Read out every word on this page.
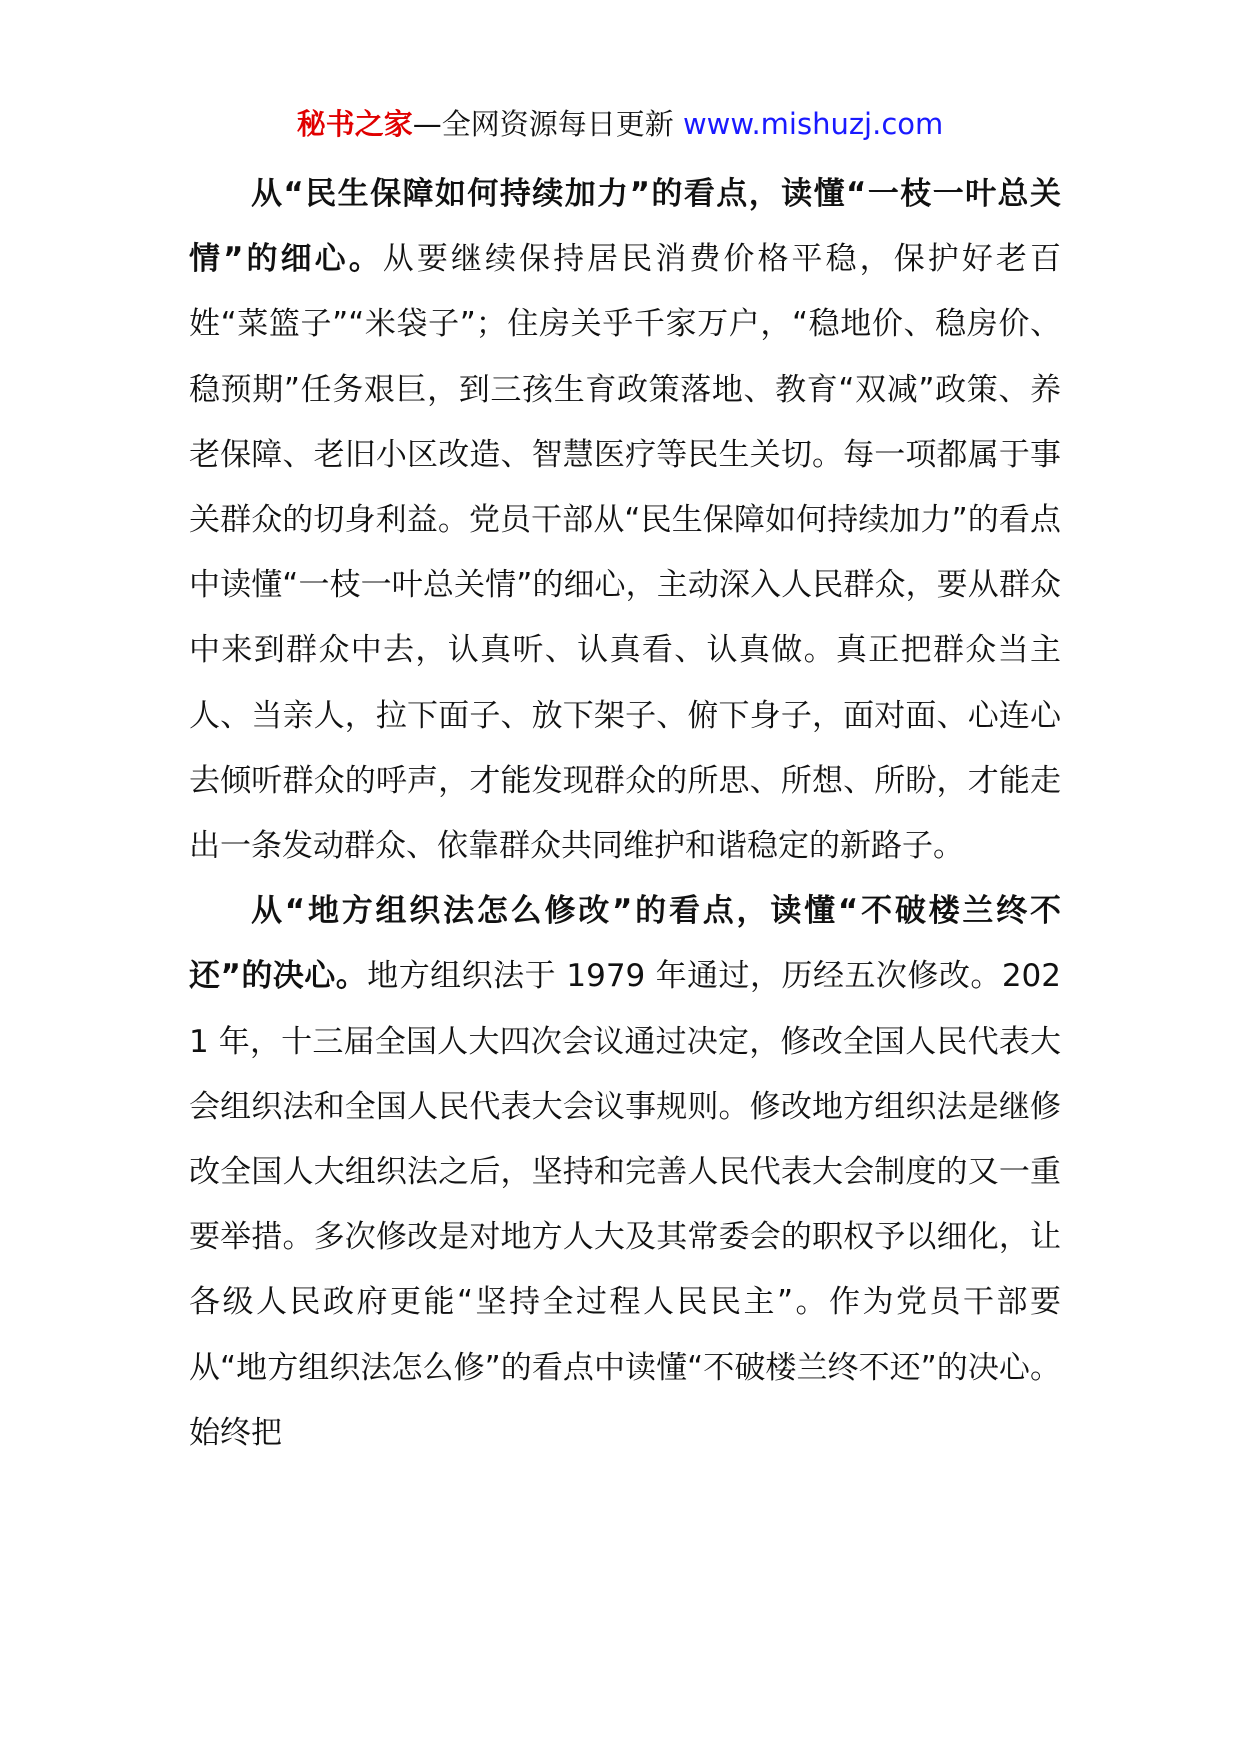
秘书之家—全网资源每日更新 www.mishuzj.com

从“民生保障如何持续加力”的看点，读懂“一枝一叶总关情”的细心。从要继续保持居民消费价格平稳，保护好老百姓“菜篮子”“米袋子”；住房关乎千家万户，“稳地价、稳房价、稳预期”任务艰巨，到三孩生育政策落地、教育“双减”政策、养老保障、老旧小区改造、智慧医疗等民生关切。每一项都属于事关群众的切身利益。党员干部从“民生保障如何持续加力”的看点中读懂“一枝一叶总关情”的细心，主动深入人民群众，要从群众中来到群众中去，认真听、认真看、认真做。真正把群众当主人、当亲人，拉下面子、放下架子、俯下身子，面对面、心连心去倾听群众的呼声，才能发现群众的所思、所想、所盼，才能走出一条发动群众、依靠群众共同维护和谐稳定的新路子。

从“地方组织法怎么修改”的看点，读懂“不破楼兰终不还”的决心。地方组织法于 1979 年通过，历经五次修改。2021 年，十三届全国人大四次会议通过决定，修改全国人民代表大会组织法和全国人民代表大会议事规则。修改地方组织法是继修改全国人大组织法之后，坚持和完善人民代表大会制度的又一重要举措。多次修改是对地方人大及其常委会的职权予以细化，让各级人民政府更能“坚持全过程人民民主”。作为党员干部要从“地方组织法怎么修”的看点中读懂“不破楼兰终不还”的决心。始终把
